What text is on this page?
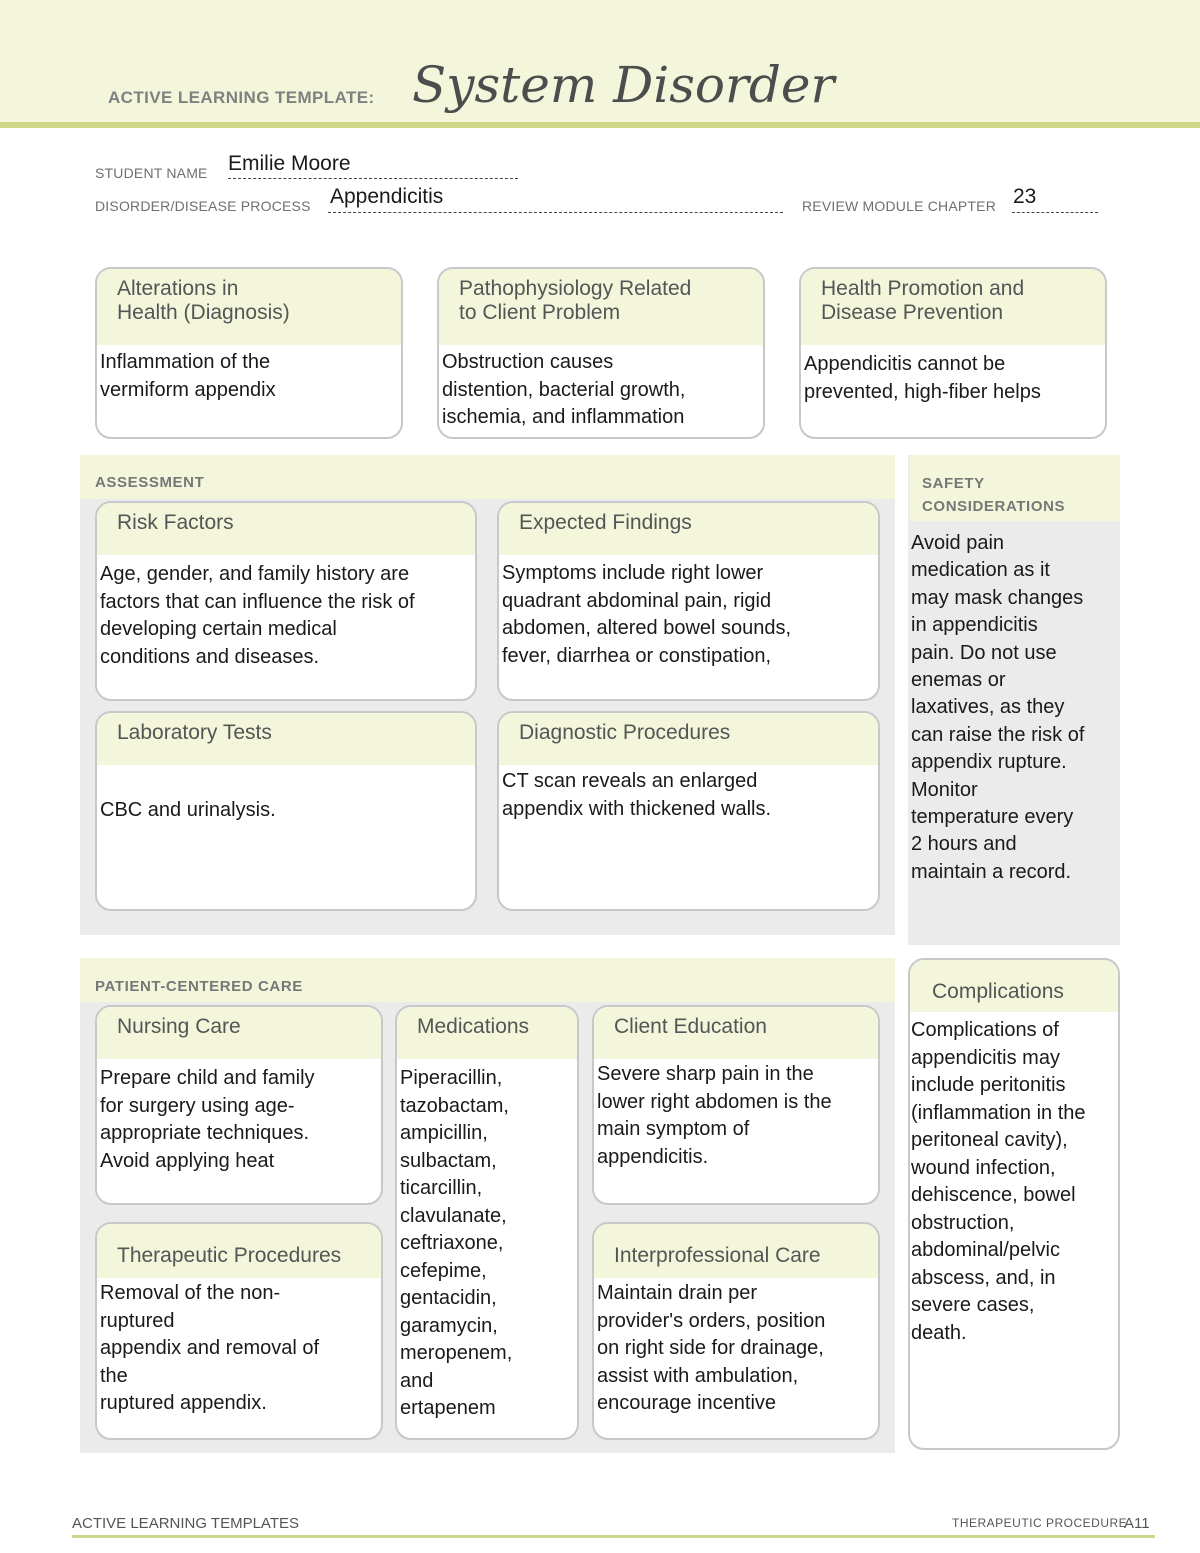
ACTIVE LEARNING TEMPLATE: System Disorder
STUDENT NAME Emilie Moore
DISORDER/DISEASE PROCESS Appendicitis	REVIEW MODULE CHAPTER 23
Alterations in
Health (Diagnosis)
Inflammation of the
vermiform appendix
Pathophysiology Related
to Client Problem
Obstruction causes
distention, bacterial growth,
ischemia, and inflammation
Health Promotion and
Disease Prevention
Appendicitis cannot be
prevented, high-fiber helps
ASSESSMENT
Risk Factors
Age, gender, and family history are
factors that can influence the risk of
developing certain medical
conditions and diseases.
Expected Findings
Symptoms include right lower
quadrant abdominal pain, rigid
abdomen, altered bowel sounds,
fever, diarrhea or constipation,
Laboratory Tests

CBC and urinalysis.
Diagnostic Procedures
CT scan reveals an enlarged
appendix with thickened walls.
SAFETY
CONSIDERATIONS
Avoid pain
medication as it
may mask changes
in appendicitis
pain. Do not use
enemas or
laxatives, as they
can raise the risk of
appendix rupture.
Monitor
temperature every
2 hours and
maintain a record.
PATIENT-CENTERED CARE
Nursing Care
Prepare child and family
for surgery using age-
appropriate techniques.
Avoid applying heat
Medications
Piperacillin,
tazobactam,
ampicillin,
sulbactam,
ticarcillin,
clavulanate,
ceftriaxone,
cefepime,
gentacidin,
garamycin,
meropenem,
and
ertapenem
Client Education
Severe sharp pain in the
lower right abdomen is the
main symptom of
appendicitis.
Therapeutic Procedures
Removal of the non-
ruptured
appendix and removal of
the
ruptured appendix.
Interprofessional Care
Maintain drain per
provider's orders, position
on right side for drainage,
assist with ambulation,
encourage incentive
Complications
Complications of
appendicitis may
include peritonitis
(inflammation in the
peritoneal cavity),
wound infection,
dehiscence, bowel
obstruction,
abdominal/pelvic
abscess, and, in
severe cases,
death.
ACTIVE LEARNING TEMPLATES	THERAPEUTIC PROCEDURE
A11
